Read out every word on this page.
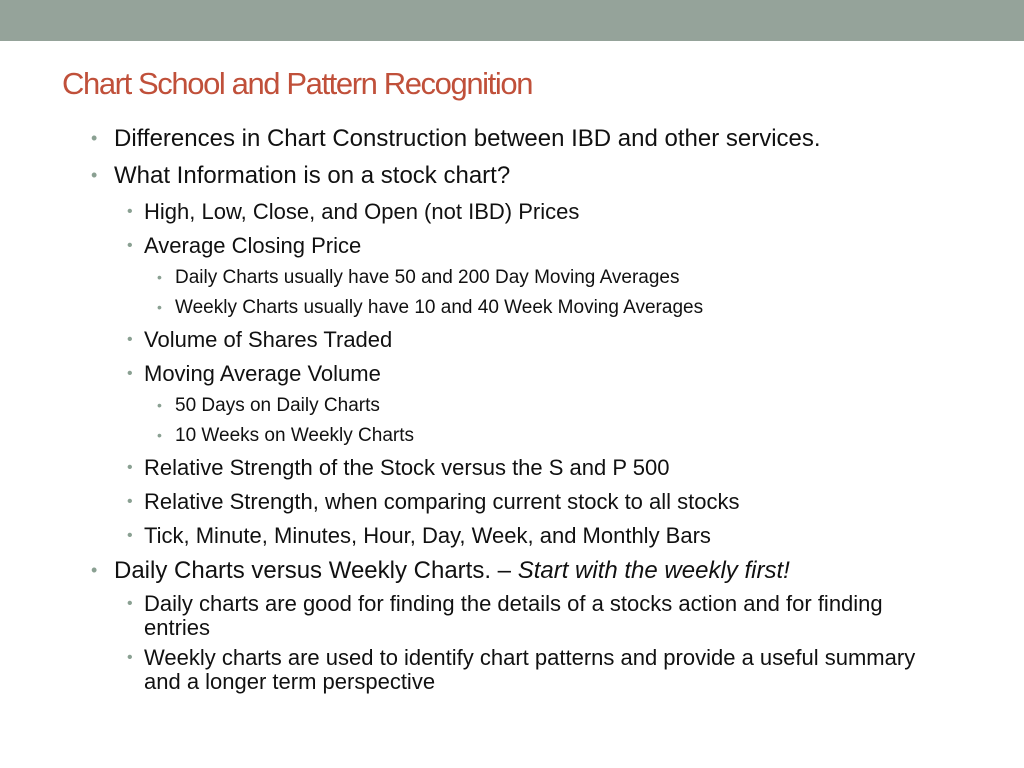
Chart School and Pattern Recognition
• Differences in Chart Construction between IBD and other services.
• What Information is on a stock chart?
• High, Low, Close, and Open (not IBD) Prices
• Average Closing Price
• Daily Charts usually have 50 and 200 Day Moving Averages
• Weekly Charts usually have 10 and 40 Week Moving Averages
• Volume of Shares Traded
• Moving Average Volume
• 50 Days on Daily Charts
• 10 Weeks on Weekly Charts
• Relative Strength of the Stock versus the S and P 500
• Relative Strength, when comparing current stock to all stocks
• Tick, Minute, Minutes, Hour, Day, Week, and Monthly Bars
• Daily Charts versus Weekly Charts. – Start with the weekly first!
• Daily charts are good for finding the details of a stocks action and for finding entries
• Weekly charts are used to identify chart patterns and provide a useful summary and a longer term perspective
